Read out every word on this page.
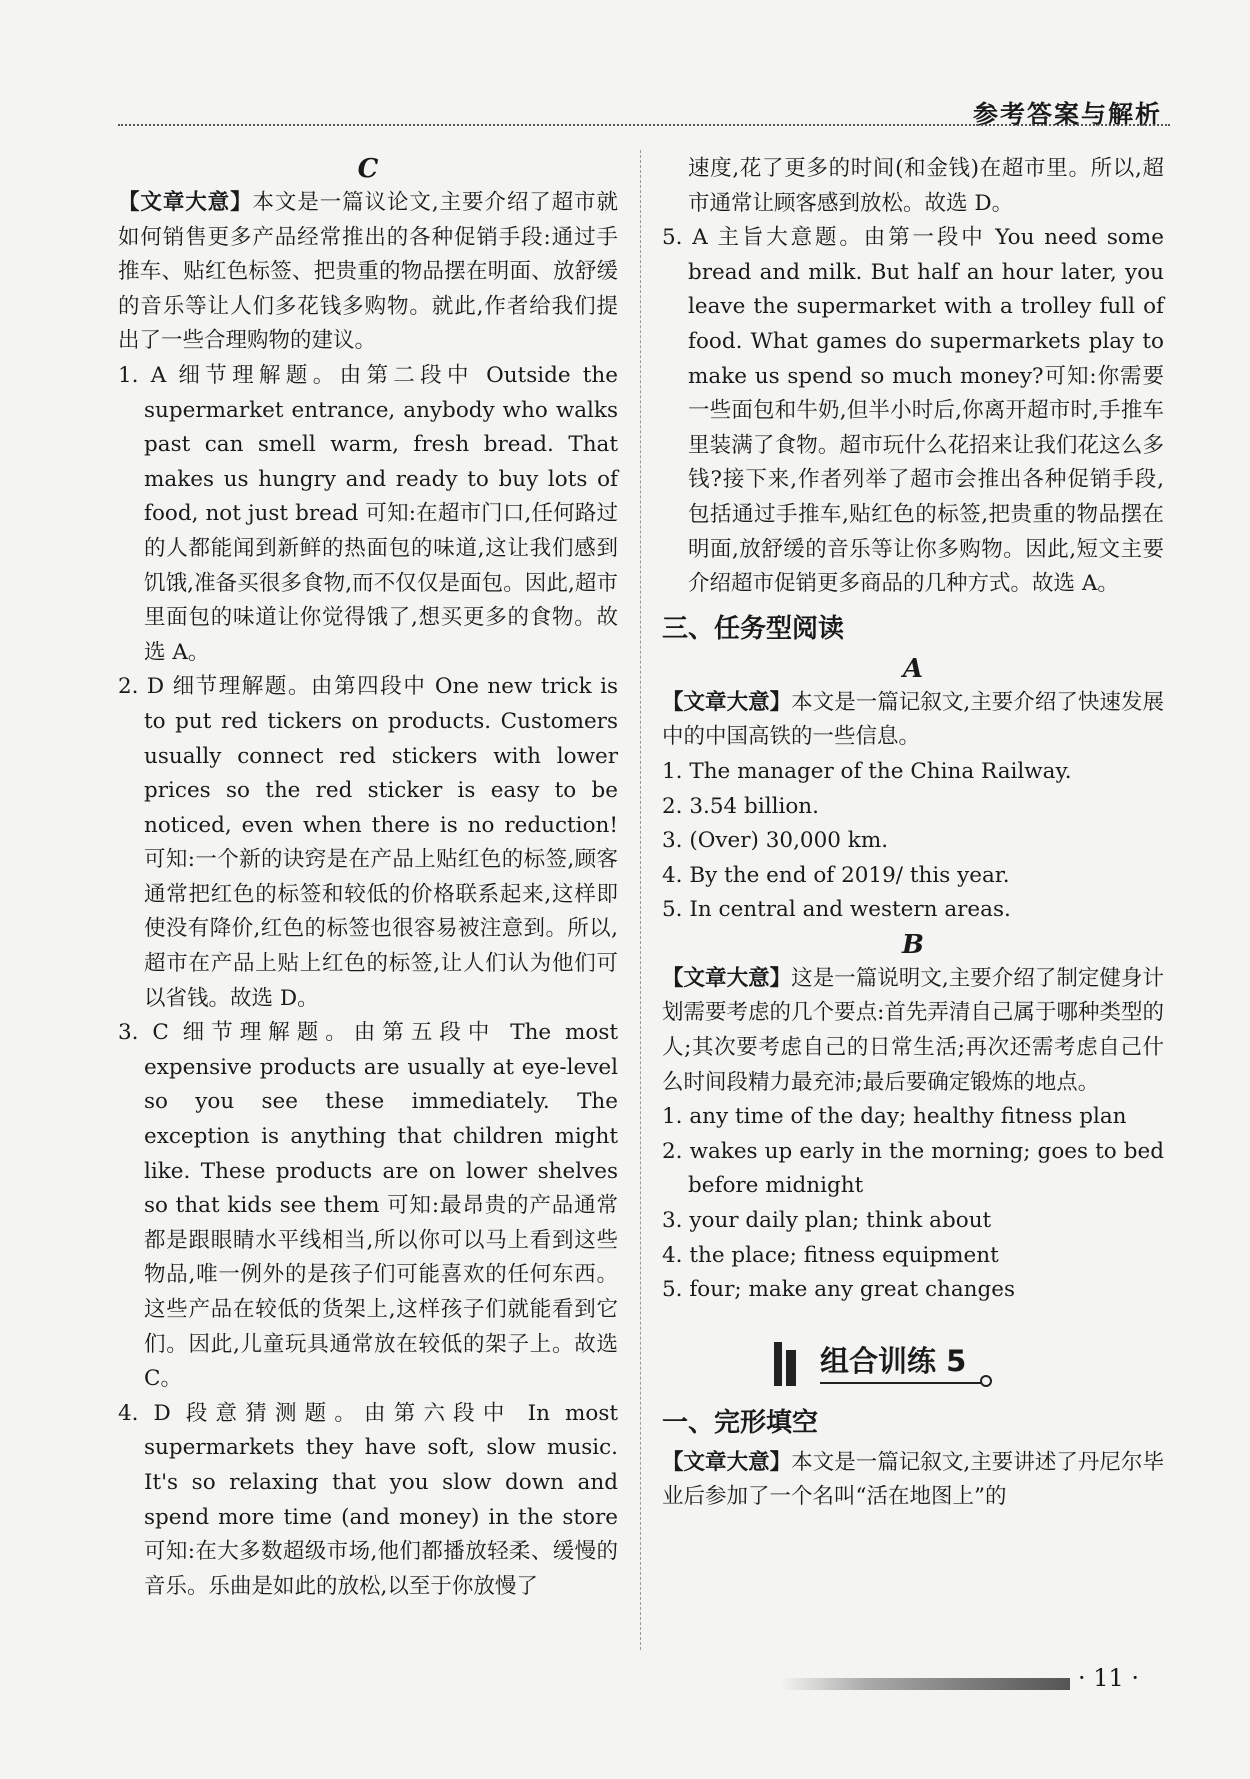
参考答案与解析

C

【文章大意】本文是一篇议论文,主要介绍了超市就如何销售更多产品经常推出的各种促销手段:通过手推车、贴红色标签、把贵重的物品摆在明面、放舒缓的音乐等让人们多花钱多购物。就此,作者给我们提出了一些合理购物的建议。

1. A 细节理解题。由第二段中 Outside the supermarket entrance, anybody who walks past can smell warm, fresh bread. That makes us hungry and ready to buy lots of food, not just bread 可知:在超市门口,任何路过的人都能闻到新鲜的热面包的味道,这让我们感到饥饿,准备买很多食物,而不仅仅是面包。因此,超市里面包的味道让你觉得饿了,想买更多的食物。故选 A。

2. D 细节理解题。由第四段中 One new trick is to put red tickers on products. Customers usually connect red stickers with lower prices so the red sticker is easy to be noticed, even when there is no reduction! 可知:一个新的诀窍是在产品上贴红色的标签,顾客通常把红色的标签和较低的价格联系起来,这样即使没有降价,红色的标签也很容易被注意到。所以,超市在产品上贴上红色的标签,让人们认为他们可以省钱。故选 D。

3. C 细节理解题。由第五段中 The most expensive products are usually at eye-level so you see these immediately. The exception is anything that children might like. These products are on lower shelves so that kids see them 可知:最昂贵的产品通常都是跟眼睛水平线相当,所以你可以马上看到这些物品,唯一例外的是孩子们可能喜欢的任何东西。这些产品在较低的货架上,这样孩子们就能看到它们。因此,儿童玩具通常放在较低的架子上。故选 C。

4. D 段意猜测题。由第六段中 In most supermarkets they have soft, slow music. It's so relaxing that you slow down and spend more time (and money) in the store 可知:在大多数超级市场,他们都播放轻柔、缓慢的音乐。乐曲是如此的放松,以至于你放慢了

速度,花了更多的时间(和金钱)在超市里。所以,超市通常让顾客感到放松。故选 D。

5. A 主旨大意题。由第一段中 You need some bread and milk. But half an hour later, you leave the supermarket with a trolley full of food. What games do supermarkets play to make us spend so much money?可知:你需要一些面包和牛奶,但半小时后,你离开超市时,手推车里装满了食物。超市玩什么花招来让我们花这么多钱?接下来,作者列举了超市会推出各种促销手段,包括通过手推车,贴红色的标签,把贵重的物品摆在明面,放舒缓的音乐等让你多购物。因此,短文主要介绍超市促销更多商品的几种方式。故选 A。

三、任务型阅读

A

【文章大意】本文是一篇记叙文,主要介绍了快速发展中的中国高铁的一些信息。

1. The manager of the China Railway.

2. 3.54 billion.

3. (Over) 30,000 km.

4. By the end of 2019/ this year.

5. In central and western areas.

B

【文章大意】这是一篇说明文,主要介绍了制定健身计划需要考虑的几个要点:首先弄清自己属于哪种类型的人;其次要考虑自己的日常生活;再次还需考虑自己什么时间段精力最充沛;最后要确定锻炼的地点。

1. any time of the day; healthy fitness plan

2. wakes up early in the morning; goes to bed before midnight

3. your daily plan; think about

4. the place; fitness equipment

5. four; make any great changes

组合训练 5
一、完形填空

【文章大意】本文是一篇记叙文,主要讲述了丹尼尔毕业后参加了一个名叫“活在地图上”的

· 11 ·
